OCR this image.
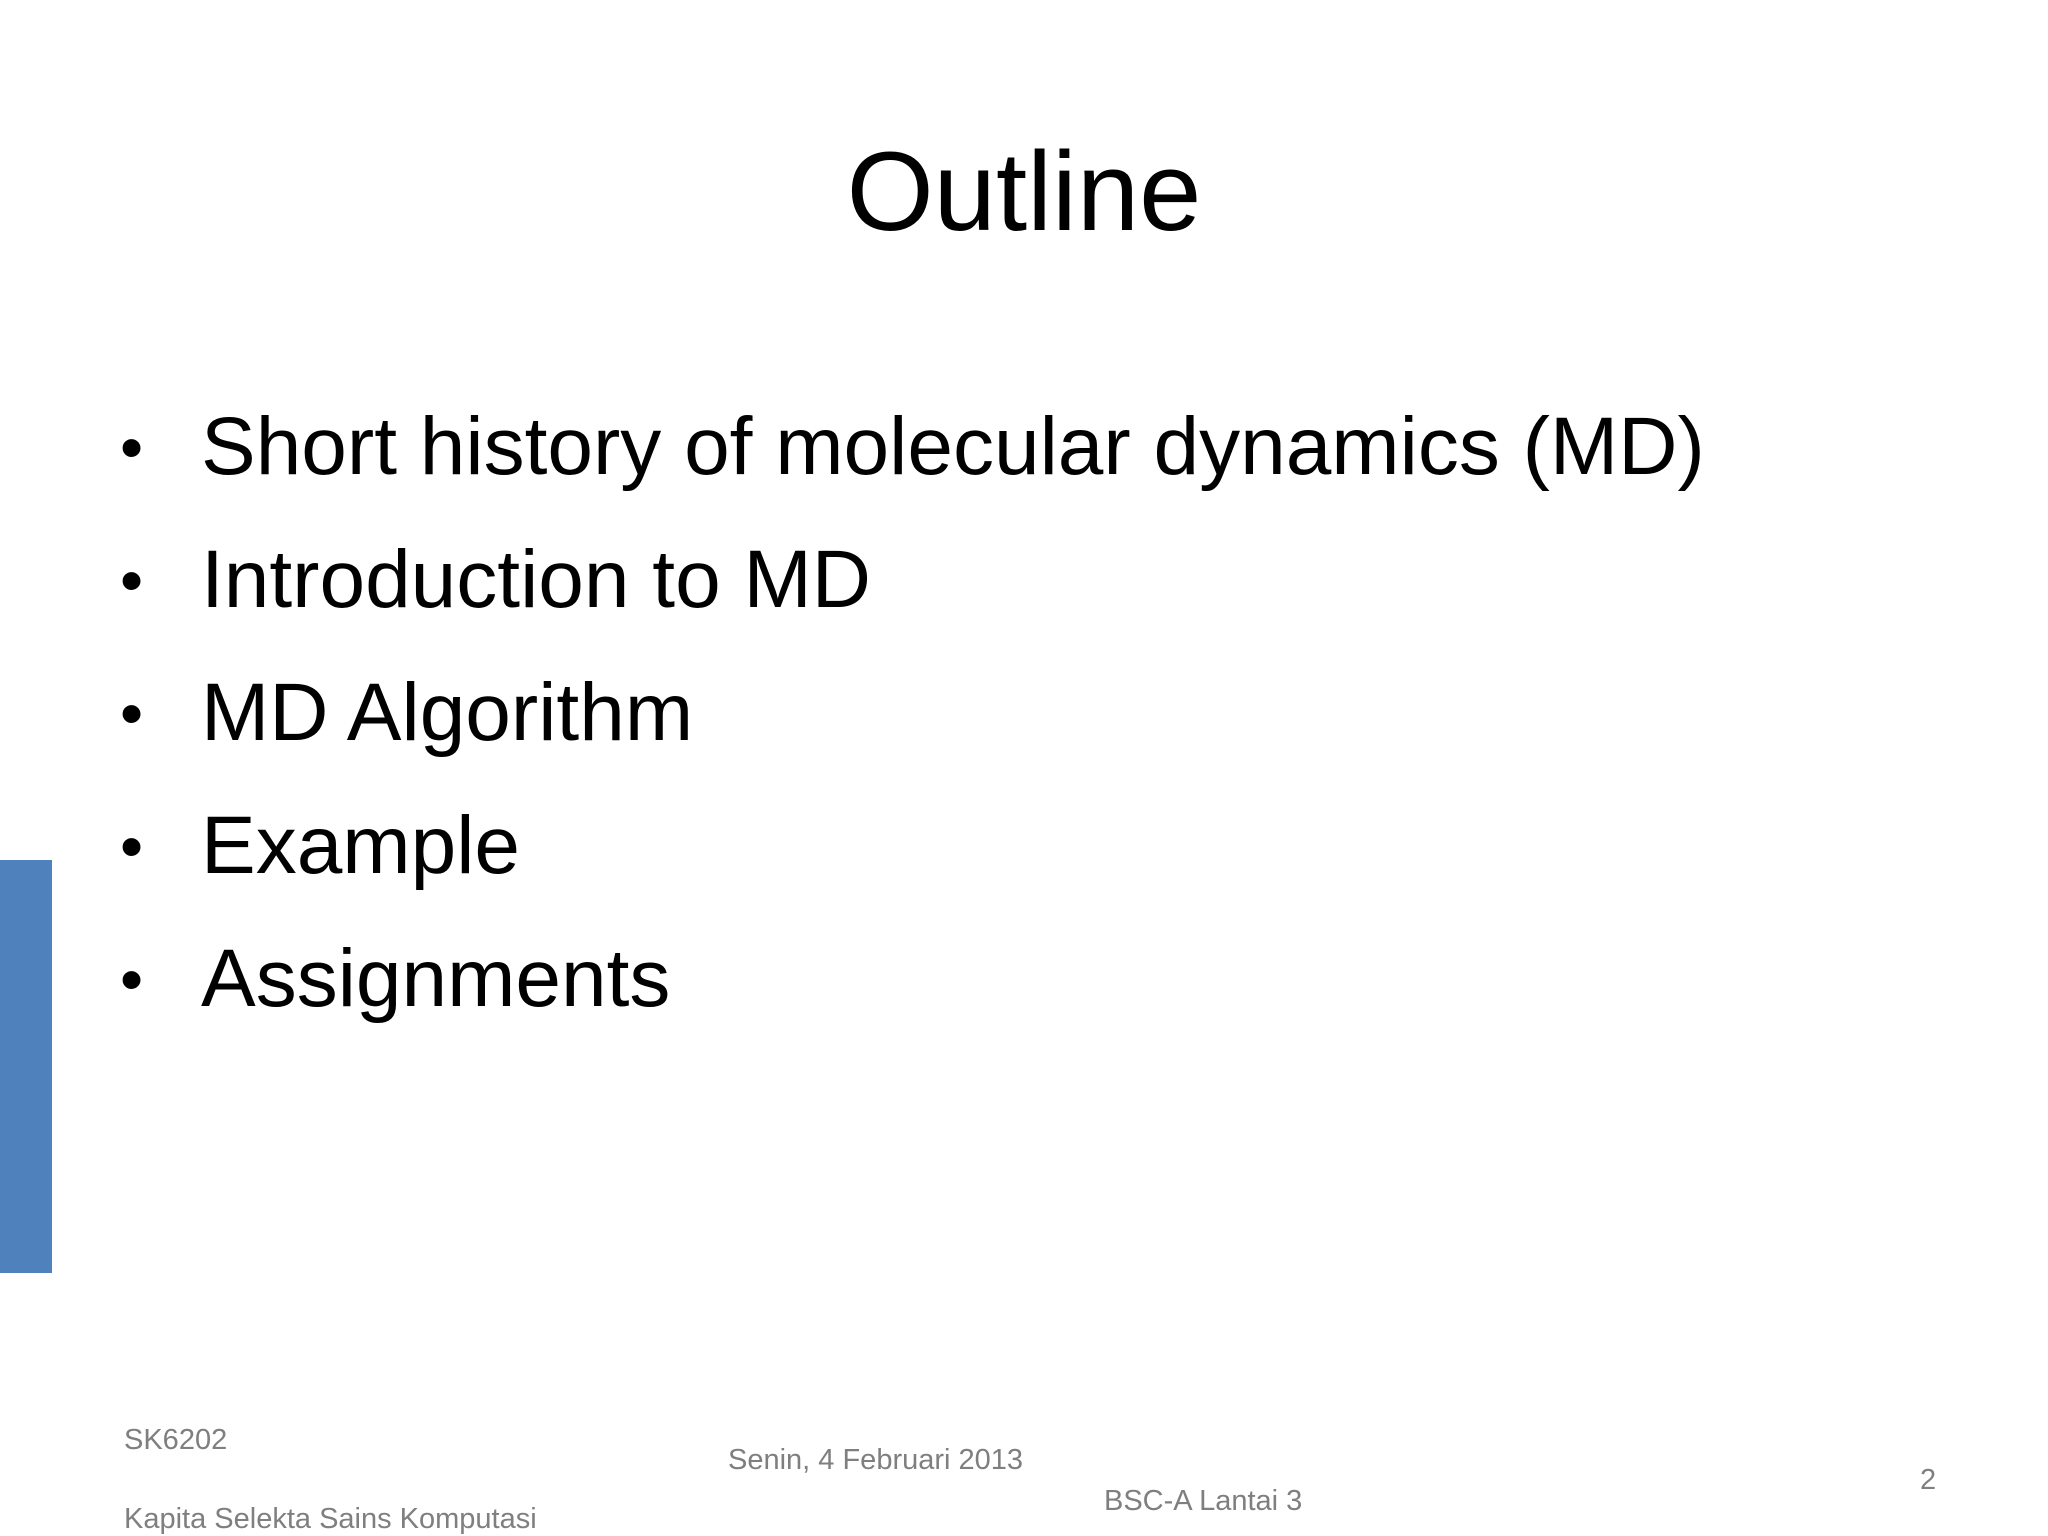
Outline
• Short history of molecular dynamics (MD)
• Introduction to MD
• MD Algorithm
• Example
• Assignments
SK6202
Kapita Selekta Sains Komputasi
Senin, 4 Februari 2013
BSC-A Lantai 3
2
